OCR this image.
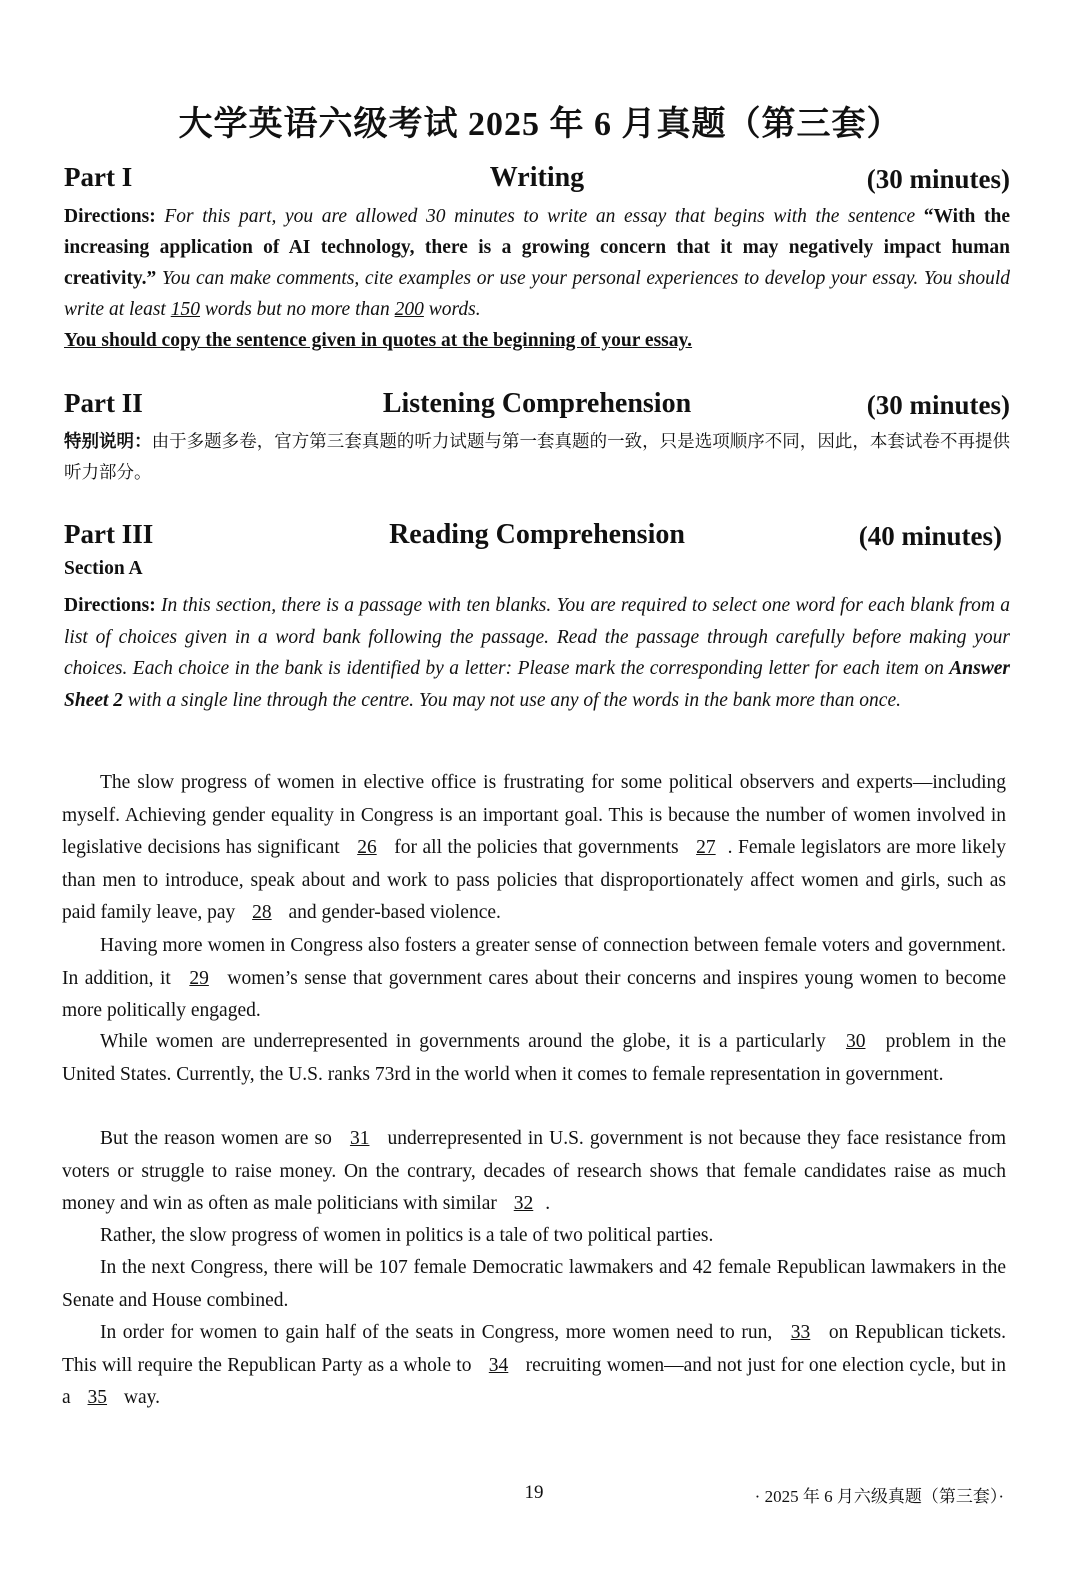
大学英语六级考试 2025 年 6 月真题（第三套）
Part I	Writing	(30 minutes)
Directions: For this part, you are allowed 30 minutes to write an essay that begins with the sentence “With the increasing application of AI technology, there is a growing concern that it may negatively impact human creativity.” You can make comments, cite examples or use your personal experiences to develop your essay. You should write at least 150 words but no more than 200 words.
You should copy the sentence given in quotes at the beginning of your essay.
Part II	Listening Comprehension	(30 minutes)
特别说明：由于多题多卷，官方第三套真题的听力试题与第一套真题的一致，只是选项顺序不同，因此，本套试卷不再提供听力部分。
Part III	Reading Comprehension	(40 minutes)
Section A
Directions: In this section, there is a passage with ten blanks. You are required to select one word for each blank from a list of choices given in a word bank following the passage. Read the passage through carefully before making your choices. Each choice in the bank is identified by a letter: Please mark the corresponding letter for each item on Answer Sheet 2 with a single line through the centre. You may not use any of the words in the bank more than once.
The slow progress of women in elective office is frustrating for some political observers and experts—including myself. Achieving gender equality in Congress is an important goal. This is because the number of women involved in legislative decisions has significant 26 for all the policies that governments 27 . Female legislators are more likely than men to introduce, speak about and work to pass policies that disproportionately affect women and girls, such as paid family leave, pay 28 and gender-based violence.
Having more women in Congress also fosters a greater sense of connection between female voters and government. In addition, it 29 women’s sense that government cares about their concerns and inspires young women to become more politically engaged.
While women are underrepresented in governments around the globe, it is a particularly 30 problem in the United States. Currently, the U.S. ranks 73rd in the world when it comes to female representation in government.
But the reason women are so 31 underrepresented in U.S. government is not because they face resistance from voters or struggle to raise money. On the contrary, decades of research shows that female candidates raise as much money and win as often as male politicians with similar 32 .
Rather, the slow progress of women in politics is a tale of two political parties.
In the next Congress, there will be 107 female Democratic lawmakers and 42 female Republican lawmakers in the Senate and House combined.
In order for women to gain half of the seats in Congress, more women need to run, 33 on Republican tickets. This will require the Republican Party as a whole to 34 recruiting women—and not just for one election cycle, but in a 35 way.
19	· 2025 年 6 月六级真题（第三套）·
